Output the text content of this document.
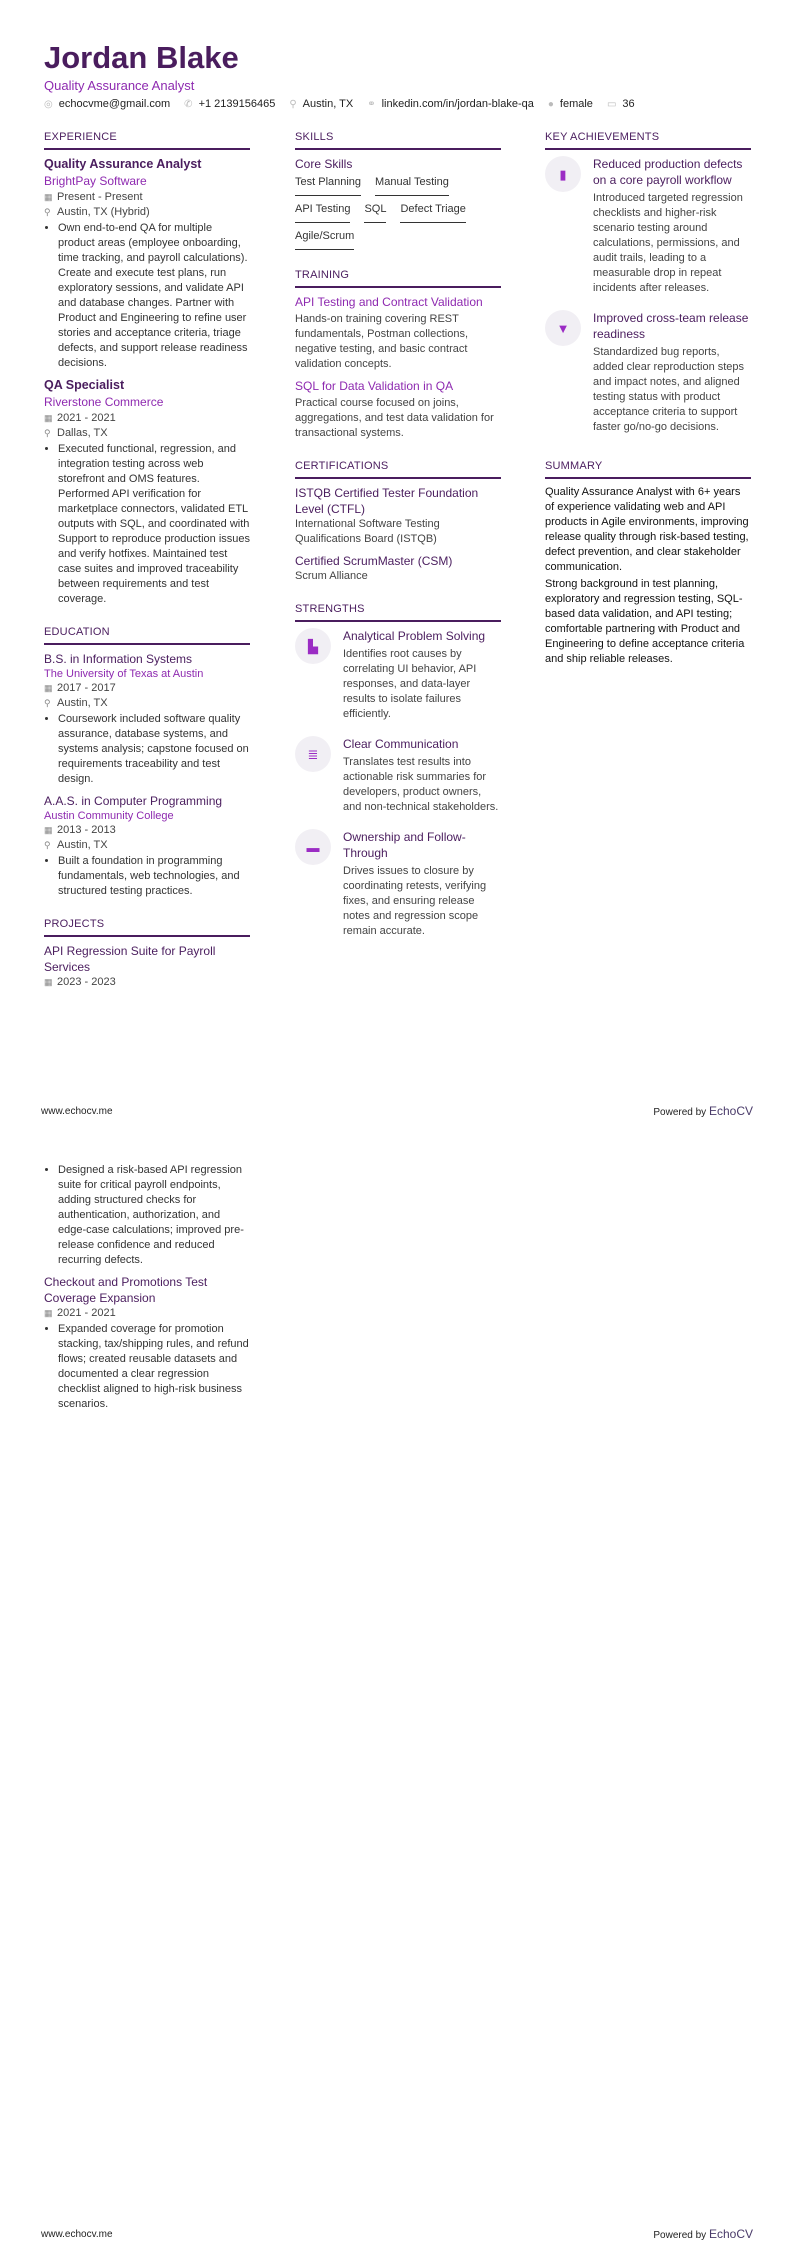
Jordan Blake
Quality Assurance Analyst
◎ echocvme@gmail.com ✆ +1 2139156465 ⚲ Austin, TX ⚭ linkedin.com/in/jordan-blake-qa ● female ▭ 36
EXPERIENCE
Quality Assurance Analyst
BrightPay Software
▦ Present - Present
⚲ Austin, TX (Hybrid)
• Own end-to-end QA for multiple product areas (employee onboarding, time tracking, and payroll calculations). Create and execute test plans, run exploratory sessions, and validate API and database changes. Partner with Product and Engineering to refine user stories and acceptance criteria, triage defects, and support release readiness decisions.
QA Specialist
Riverstone Commerce
▦ 2021 - 2021
⚲ Dallas, TX
• Executed functional, regression, and integration testing across web storefront and OMS features. Performed API verification for marketplace connectors, validated ETL outputs with SQL, and coordinated with Support to reproduce production issues and verify hotfixes. Maintained test case suites and improved traceability between requirements and test coverage.
EDUCATION
B.S. in Information Systems
The University of Texas at Austin
▦ 2017 - 2017
⚲ Austin, TX
• Coursework included software quality assurance, database systems, and systems analysis; capstone focused on requirements traceability and test design.
A.A.S. in Computer Programming
Austin Community College
▦ 2013 - 2013
⚲ Austin, TX
• Built a foundation in programming fundamentals, web technologies, and structured testing practices.
PROJECTS
API Regression Suite for Payroll Services
▦ 2023 - 2023
SKILLS
Core Skills
Test Planning Manual Testing
API Testing SQL Defect Triage
Agile/Scrum
TRAINING
API Testing and Contract Validation
Hands-on training covering REST fundamentals, Postman collections, negative testing, and basic contract validation concepts.
SQL for Data Validation in QA
Practical course focused on joins, aggregations, and test data validation for transactional systems.
CERTIFICATIONS
ISTQB Certified Tester Foundation Level (CTFL)
International Software Testing Qualifications Board (ISTQB)
Certified ScrumMaster (CSM)
Scrum Alliance
STRENGTHS
▙
Analytical Problem Solving
Identifies root causes by correlating UI behavior, API responses, and data-layer results to isolate failures efficiently.
≣
Clear Communication
Translates test results into actionable risk summaries for developers, product owners, and non-technical stakeholders.
▬
Ownership and Follow-Through
Drives issues to closure by coordinating retests, verifying fixes, and ensuring release notes and regression scope remain accurate.
KEY ACHIEVEMENTS
▮
Reduced production defects on a core payroll workflow
Introduced targeted regression checklists and higher-risk scenario testing around calculations, permissions, and audit trails, leading to a measurable drop in repeat incidents after releases.
▼
Improved cross-team release readiness
Standardized bug reports, added clear reproduction steps and impact notes, and aligned testing status with product acceptance criteria to support faster go/no-go decisions.
SUMMARY

Quality Assurance Analyst with 6+ years of experience validating web and API products in Agile environments, improving release quality through risk-based testing, defect prevention, and clear stakeholder communication.

Strong background in test planning, exploratory and regression testing, SQL-based data validation, and API testing; comfortable partnering with Product and Engineering to define acceptance criteria and ship reliable releases.

www.echocv.me	Powered by EchoCV
• Designed a risk-based API regression suite for critical payroll endpoints, adding structured checks for authentication, authorization, and edge-case calculations; improved pre-release confidence and reduced recurring defects.
Checkout and Promotions Test Coverage Expansion
▦ 2021 - 2021
• Expanded coverage for promotion stacking, tax/shipping rules, and refund flows; created reusable datasets and documented a clear regression checklist aligned to high-risk business scenarios.
www.echocv.me	Powered by EchoCV
